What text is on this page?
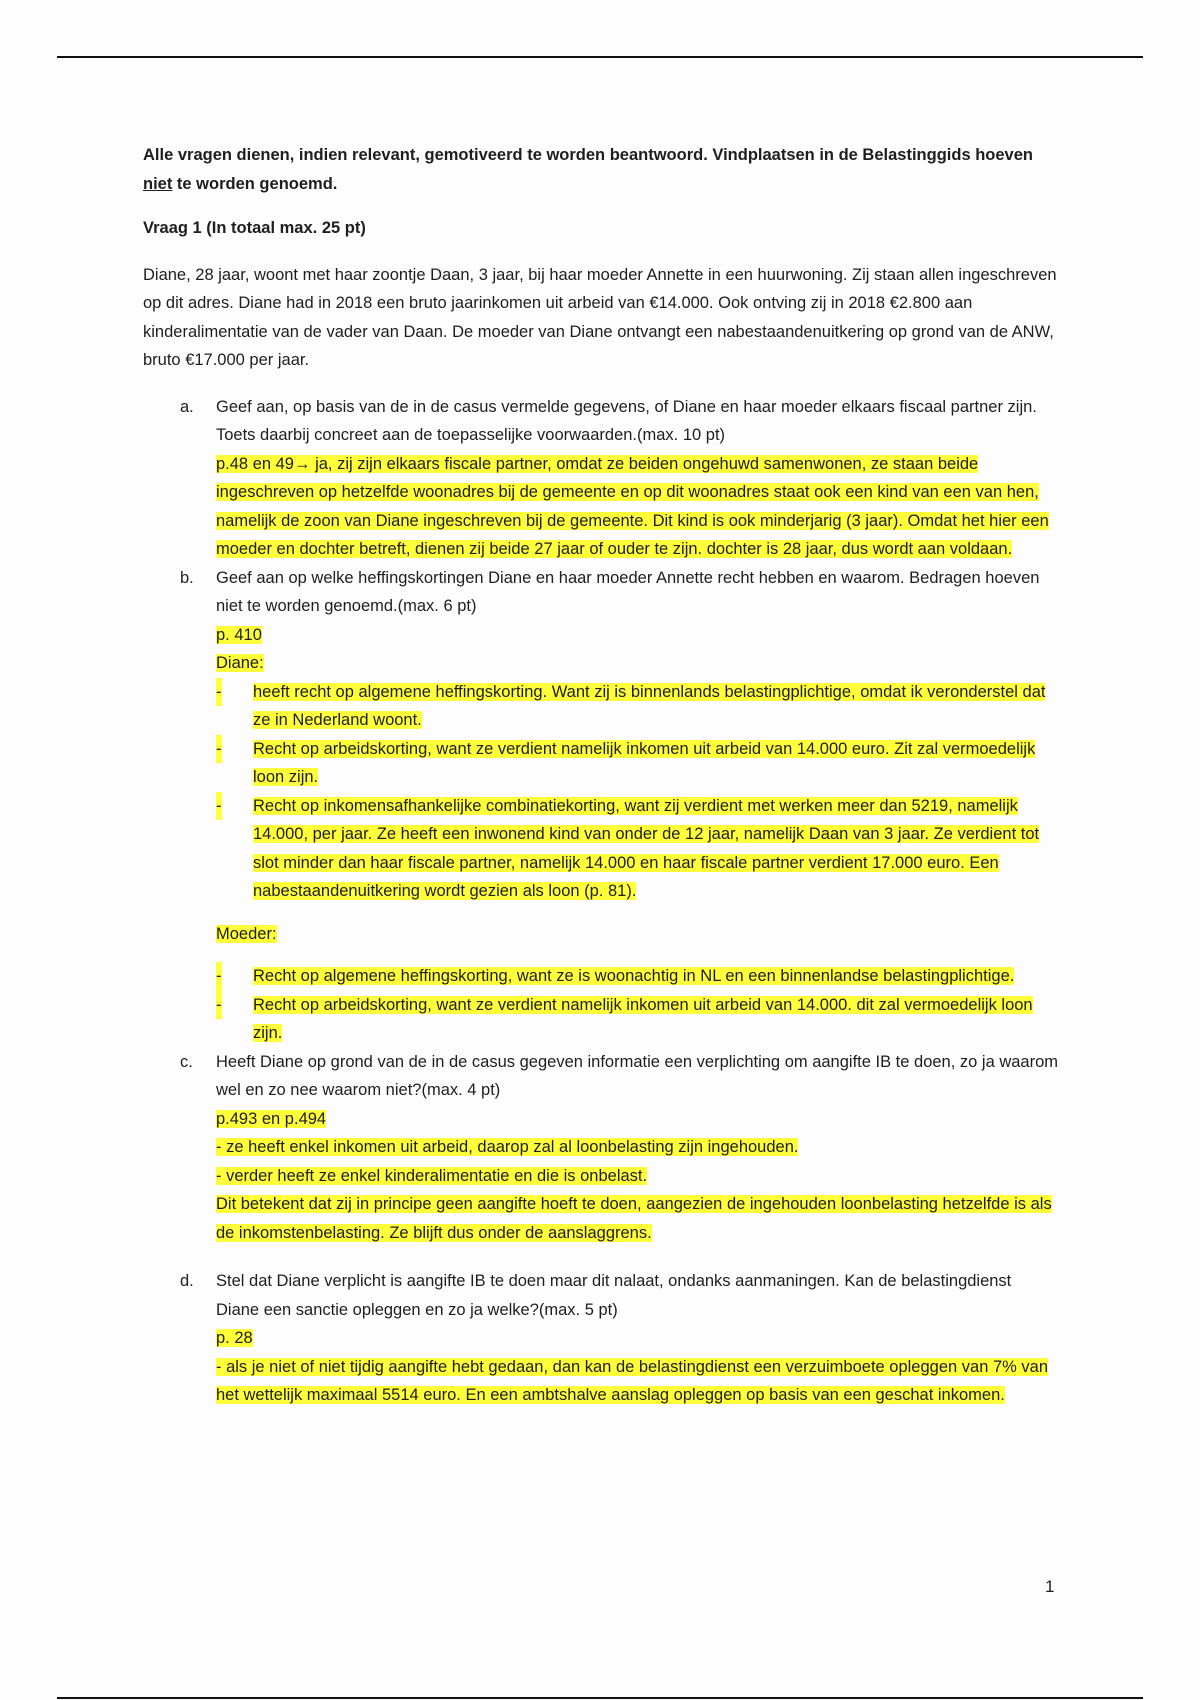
Alle vragen dienen, indien relevant, gemotiveerd te worden beantwoord. Vindplaatsen in de Belastinggids hoeven niet te worden genoemd.

Vraag 1 (In totaal max. 25 pt)

Diane, 28 jaar, woont met haar zoontje Daan, 3 jaar, bij haar moeder Annette in een huurwoning. Zij staan allen ingeschreven op dit adres. Diane had in 2018 een bruto jaarinkomen uit arbeid van €14.000. Ook ontving zij in 2018 €2.800 aan kinderalimentatie van de vader van Daan. De moeder van Diane ontvangt een nabestaandenuitkering op grond van de ANW, bruto €17.000 per jaar.

a. Geef aan, op basis van de in de casus vermelde gegevens, of Diane en haar moeder elkaars fiscaal partner zijn. Toets daarbij concreet aan de toepasselijke voorwaarden.(max. 10 pt)
p.48 en 49→ ja, zij zijn elkaars fiscale partner, omdat ze beiden ongehuwd samenwonen, ze staan beide ingeschreven op hetzelfde woonadres bij de gemeente en op dit woonadres staat ook een kind van een van hen, namelijk de zoon van Diane ingeschreven bij de gemeente. Dit kind is ook minderjarig (3 jaar). Omdat het hier een moeder en dochter betreft, dienen zij beide 27 jaar of ouder te zijn. dochter is 28 jaar, dus wordt aan voldaan.
b. Geef aan op welke heffingskortingen Diane en haar moeder Annette recht hebben en waarom. Bedragen hoeven niet te worden genoemd.(max. 6 pt)
p. 410
Diane:
- heeft recht op algemene heffingskorting. Want zij is binnenlands belastingplichtige, omdat ik veronderstel dat ze in Nederland woont.
- Recht op arbeidskorting, want ze verdient namelijk inkomen uit arbeid van 14.000 euro. Zit zal vermoedelijk loon zijn.
- Recht op inkomensafhankelijke combinatiekorting, want zij verdient met werken meer dan 5219, namelijk 14.000, per jaar. Ze heeft een inwonend kind van onder de 12 jaar, namelijk Daan van 3 jaar. Ze verdient tot slot minder dan haar fiscale partner, namelijk 14.000 en haar fiscale partner verdient 17.000 euro. Een nabestaandenuitkering wordt gezien als loon (p. 81).
Moeder:
- Recht op algemene heffingskorting, want ze is woonachtig in NL en een binnenlandse belastingplichtige.
- Recht op arbeidskorting, want ze verdient namelijk inkomen uit arbeid van 14.000. dit zal vermoedelijk loon zijn.
c. Heeft Diane op grond van de in de casus gegeven informatie een verplichting om aangifte IB te doen, zo ja waarom wel en zo nee waarom niet?(max. 4 pt)
p.493 en p.494
- ze heeft enkel inkomen uit arbeid, daarop zal al loonbelasting zijn ingehouden.
- verder heeft ze enkel kinderalimentatie en die is onbelast.
Dit betekent dat zij in principe geen aangifte hoeft te doen, aangezien de ingehouden loonbelasting hetzelfde is als de inkomstenbelasting. Ze blijft dus onder de aanslaggrens.
d. Stel dat Diane verplicht is aangifte IB te doen maar dit nalaat, ondanks aanmaningen. Kan de belastingdienst Diane een sanctie opleggen en zo ja welke?(max. 5 pt)
p. 28
- als je niet of niet tijdig aangifte hebt gedaan, dan kan de belastingdienst een verzuimboete opleggen van 7% van het wettelijk maximaal 5514 euro. En een ambtshalve aanslag opleggen op basis van een geschat inkomen.
1
